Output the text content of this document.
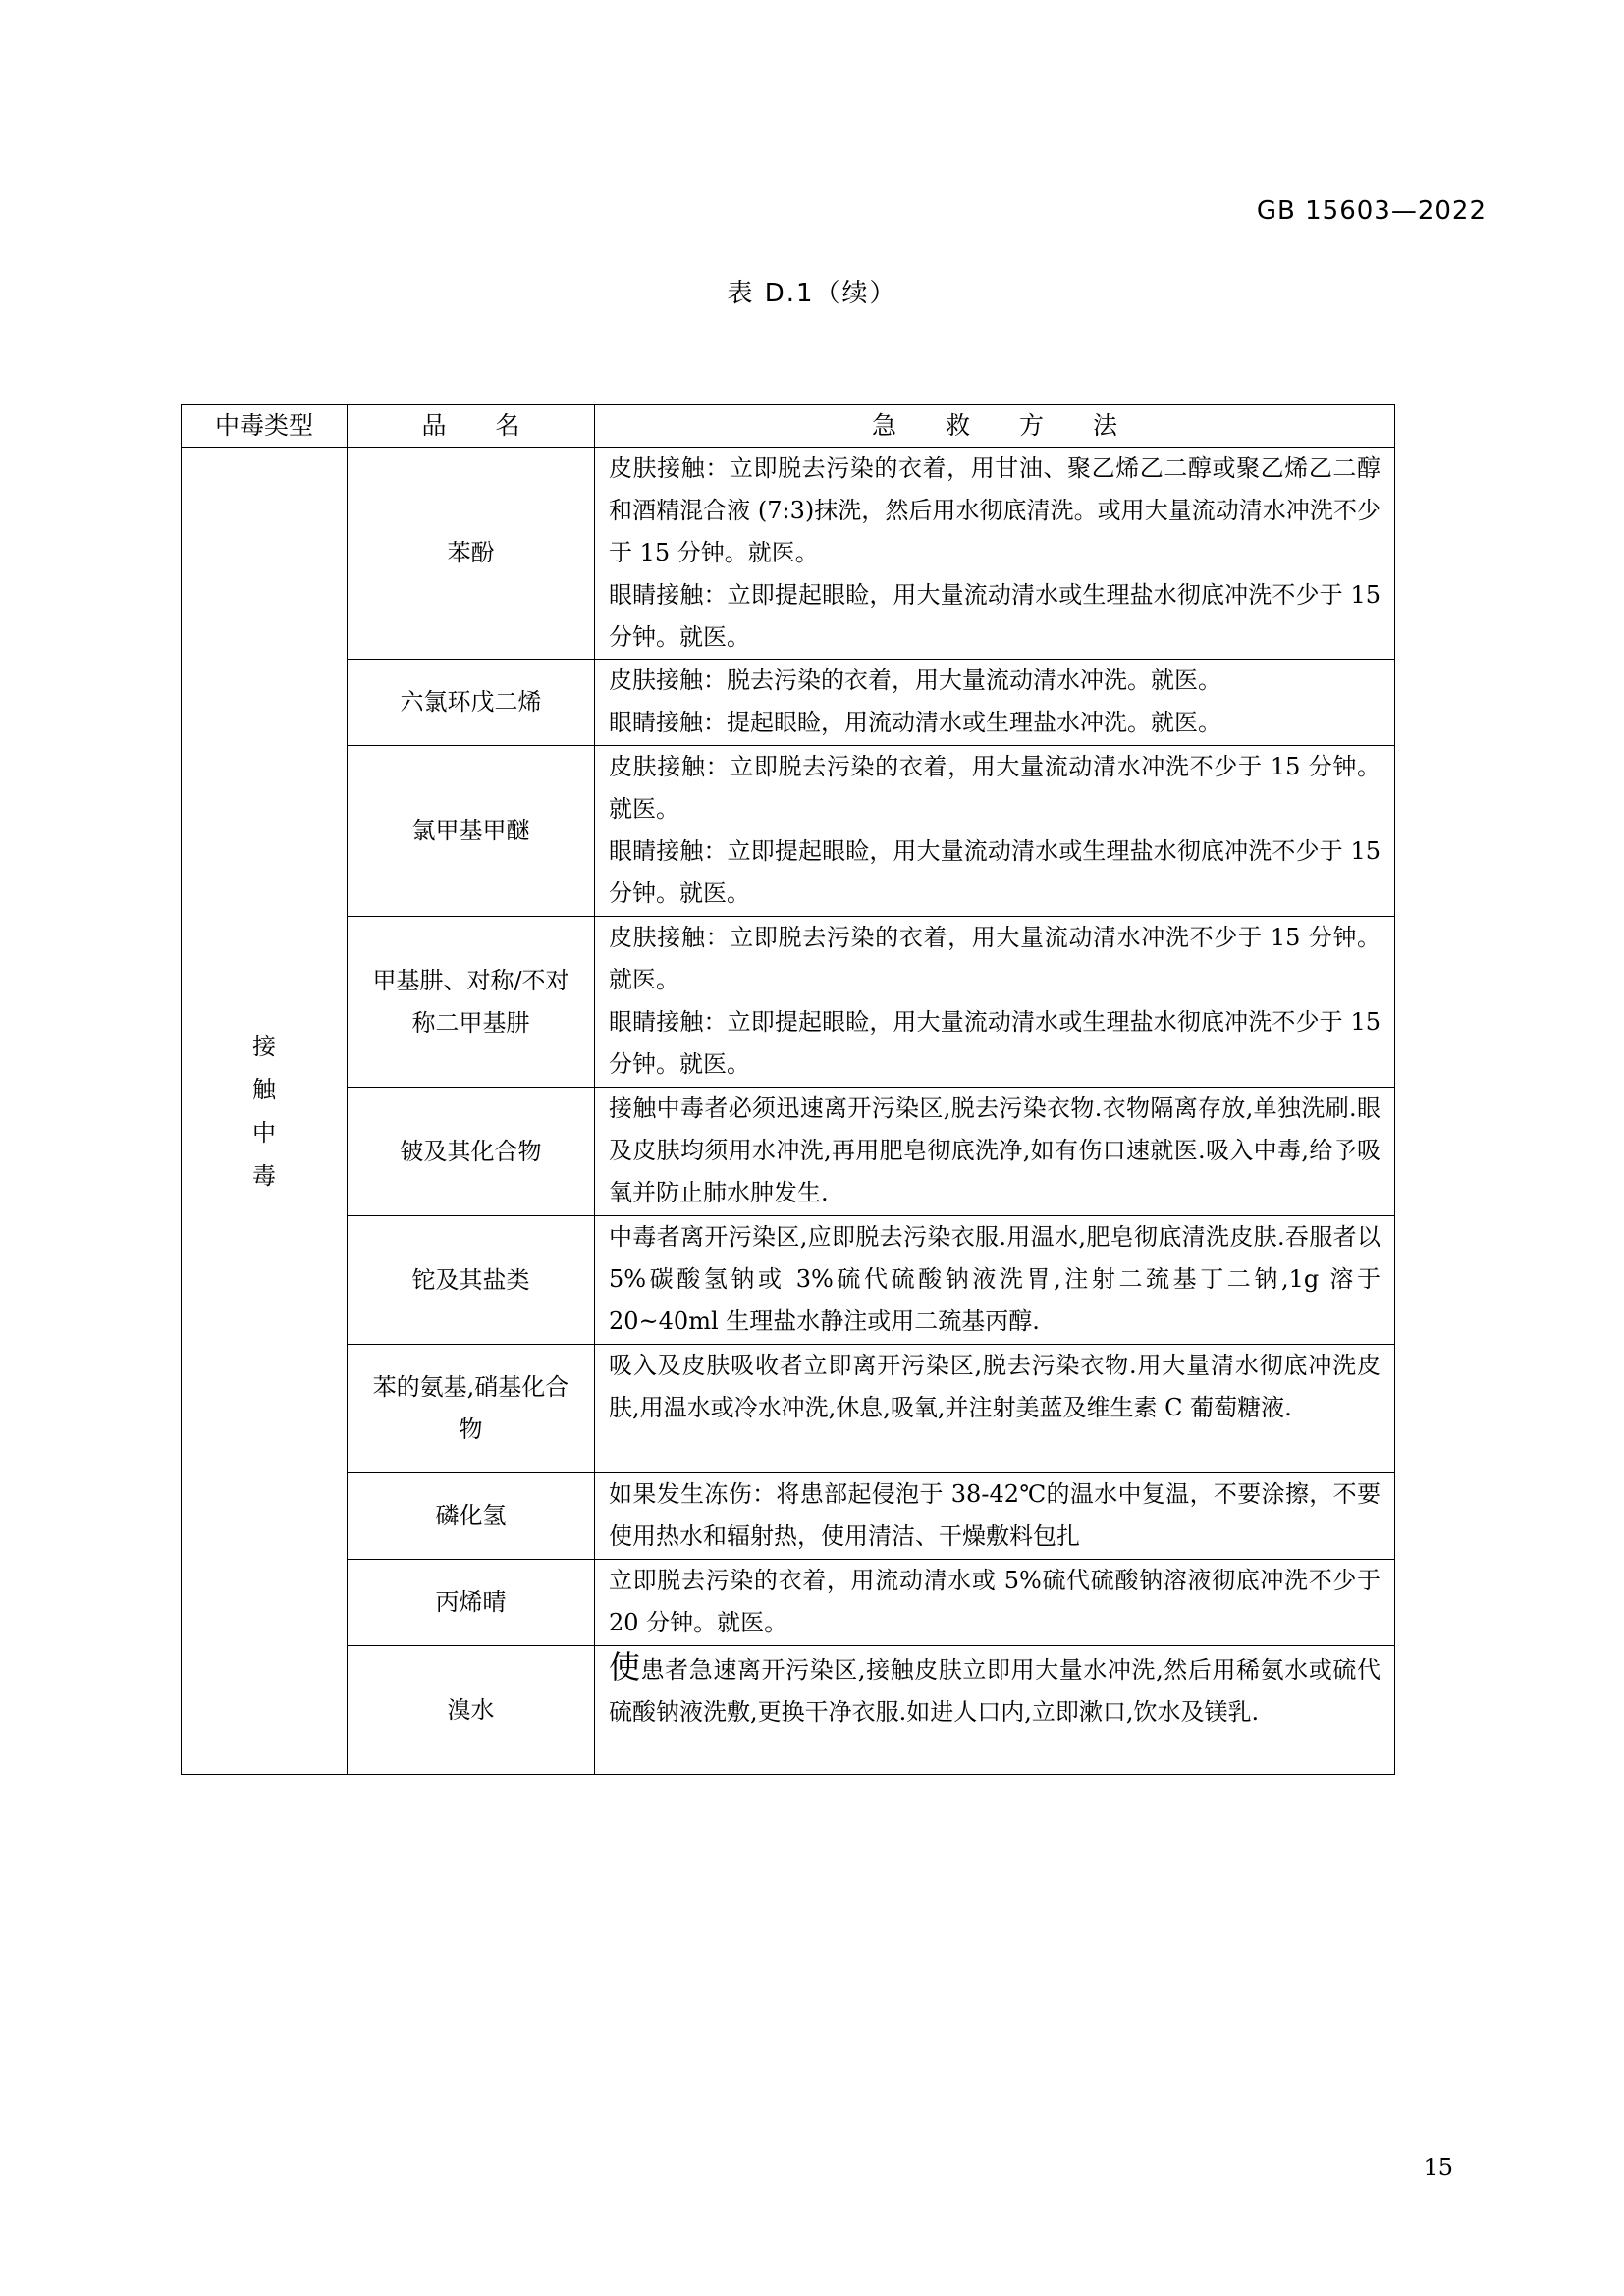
GB 15603—2022
表 D.1（续）
中毒类型	品　　名	急　　救　　方　　法
接触中毒	苯酚	皮肤接触：立即脱去污染的衣着，用甘油、聚乙烯乙二醇或聚乙烯乙二醇和酒精混合液 (7:3)抹洗，然后用水彻底清洗。或用大量流动清水冲洗不少于 15 分钟。就医。
眼睛接触：立即提起眼睑，用大量流动清水或生理盐水彻底冲洗不少于 15 分钟。就医。

	六氯环戊二烯	皮肤接触：脱去污染的衣着，用大量流动清水冲洗。就医。
眼睛接触：提起眼睑，用流动清水或生理盐水冲洗。就医。

	氯甲基甲醚	皮肤接触：立即脱去污染的衣着，用大量流动清水冲洗不少于 15 分钟。就医。
眼睛接触：立即提起眼睑，用大量流动清水或生理盐水彻底冲洗不少于 15 分钟。就医。

	甲基肼、对称/不对称二甲基肼	皮肤接触：立即脱去污染的衣着，用大量流动清水冲洗不少于 15 分钟。就医。
眼睛接触：立即提起眼睑，用大量流动清水或生理盐水彻底冲洗不少于 15 分钟。就医。

	铍及其化合物	接触中毒者必须迅速离开污染区,脱去污染衣物.衣物隔离存放,单独洗刷.眼及皮肤均须用水冲洗,再用肥皂彻底洗净,如有伤口速就医.吸入中毒,给予吸氧并防止肺水肿发生.

	铊及其盐类	中毒者离开污染区,应即脱去污染衣服.用温水,肥皂彻底清洗皮肤.吞服者以 5%碳酸氢钠或 3%硫代硫酸钠液洗胃,注射二巯基丁二钠,1g 溶于 20~40ml 生理盐水静注或用二巯基丙醇.

	苯的氨基,硝基化合物	吸入及皮肤吸收者立即离开污染区,脱去污染衣物.用大量清水彻底冲洗皮肤,用温水或冷水冲洗,休息,吸氧,并注射美蓝及维生素 C 葡萄糖液.

	磷化氢	如果发生冻伤：将患部起侵泡于 38-42℃的温水中复温，不要涂擦，不要使用热水和辐射热，使用清洁、干燥敷料包扎

	丙烯晴	立即脱去污染的衣着，用流动清水或 5%硫代硫酸钠溶液彻底冲洗不少于 20 分钟。就医。

	溴水	使患者急速离开污染区,接触皮肤立即用大量水冲洗,然后用稀氨水或硫代硫酸钠液洗敷,更换干净衣服.如进人口内,立即漱口,饮水及镁乳.
15
